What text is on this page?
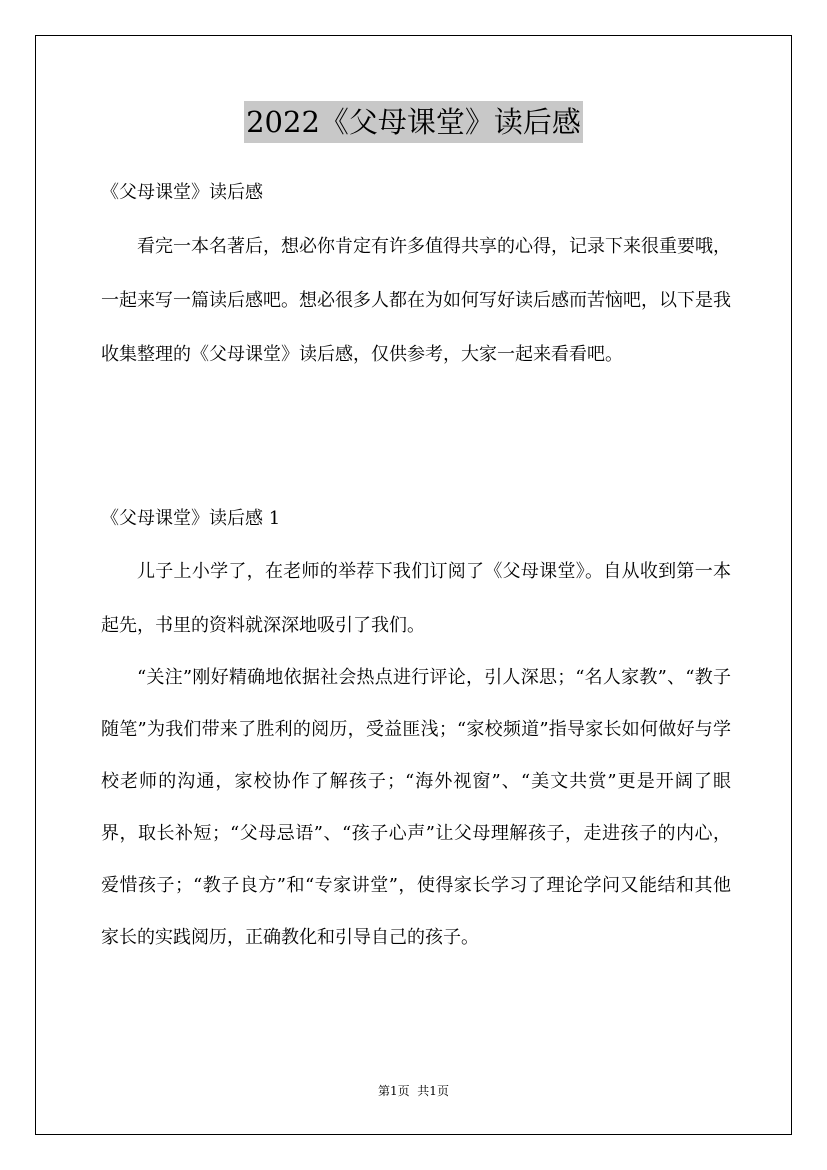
2022《父母课堂》读后感
《父母课堂》读后感

看完一本名著后，想必你肯定有许多值得共享的心得，记录下来很重要哦，一起来写一篇读后感吧。想必很多人都在为如何写好读后感而苦恼吧，以下是我收集整理的《父母课堂》读后感，仅供参考，大家一起来看看吧。

《父母课堂》读后感 1

儿子上小学了，在老师的举荐下我们订阅了《父母课堂》。自从收到第一本起先，书里的资料就深深地吸引了我们。

“关注”刚好精确地依据社会热点进行评论，引人深思；“名人家教”、“教子随笔”为我们带来了胜利的阅历，受益匪浅；“家校频道”指导家长如何做好与学校老师的沟通，家校协作了解孩子；“海外视窗”、“美文共赏”更是开阔了眼界，取长补短；“父母忌语”、“孩子心声”让父母理解孩子，走进孩子的内心，爱惜孩子；“教子良方”和“专家讲堂”，使得家长学习了理论学问又能结和其他家长的实践阅历，正确教化和引导自己的孩子。

第1页  共1页
